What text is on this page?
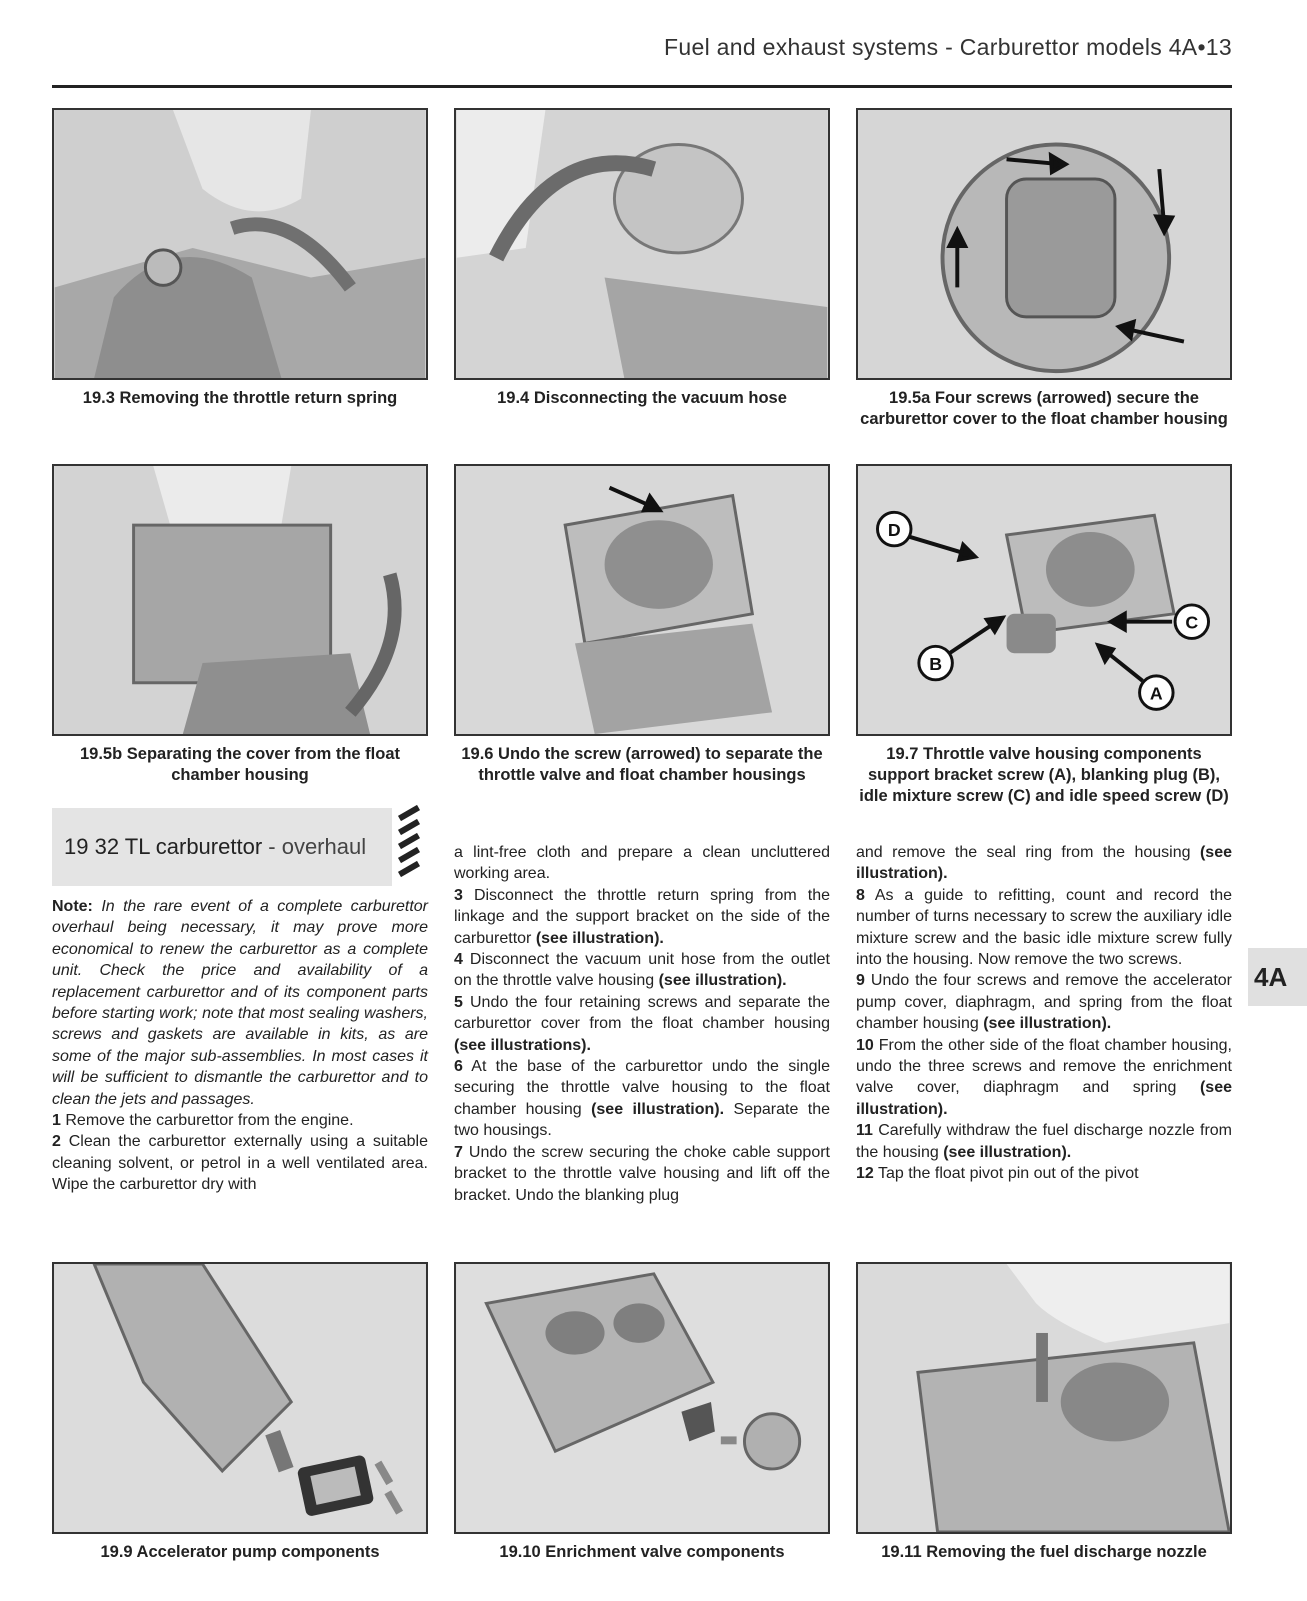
Fuel and exhaust systems - Carburettor models 4A•13
19.3 Removing the throttle return spring	19.4 Disconnecting the vacuum hose	19.5a Four screws (arrowed) secure the carburettor cover to the float chamber housing
19.5b Separating the cover from the float chamber housing
19.6 Undo the screw (arrowed) to separate the throttle valve and float chamber housings
D
C
B
A
19.7 Throttle valve housing components support bracket screw (A), blanking plug (B), idle mixture screw (C) and idle speed screw (D)
19 32 TL carburettor - overhaul

Note: In the rare event of a complete carburettor overhaul being necessary, it may prove more economical to renew the carburettor as a complete unit. Check the price and availability of a replacement carburettor and of its component parts before starting work; note that most sealing washers, screws and gaskets are available in kits, as are some of the major sub-assemblies. In most cases it will be sufficient to dismantle the carburettor and to clean the jets and passages.

1 Remove the carburettor from the engine.

2 Clean the carburettor externally using a suitable cleaning solvent, or petrol in a well ventilated area. Wipe the carburettor dry with

a lint-free cloth and prepare a clean uncluttered working area.

3 Disconnect the throttle return spring from the linkage and the support bracket on the side of the carburettor (see illustration).

4 Disconnect the vacuum unit hose from the outlet on the throttle valve housing (see illustration).

5 Undo the four retaining screws and separate the carburettor cover from the float chamber housing (see illustrations).

6 At the base of the carburettor undo the single securing the throttle valve housing to the float chamber housing (see illustration). Separate the two housings.

7 Undo the screw securing the choke cable support bracket to the throttle valve housing and lift off the bracket. Undo the blanking plug

and remove the seal ring from the housing (see illustration).

8 As a guide to refitting, count and record the number of turns necessary to screw the auxiliary idle mixture screw and the basic idle mixture screw fully into the housing. Now remove the two screws.

9 Undo the four screws and remove the accelerator pump cover, diaphragm, and spring from the float chamber housing (see illustration).

10 From the other side of the float chamber housing, undo the three screws and remove the enrichment valve cover, diaphragm and spring (see illustration).

11 Carefully withdraw the fuel discharge nozzle from the housing (see illustration).

12 Tap the float pivot pin out of the pivot

4A
19.9 Accelerator pump components	19.10 Enrichment valve components	19.11 Removing the fuel discharge nozzle
